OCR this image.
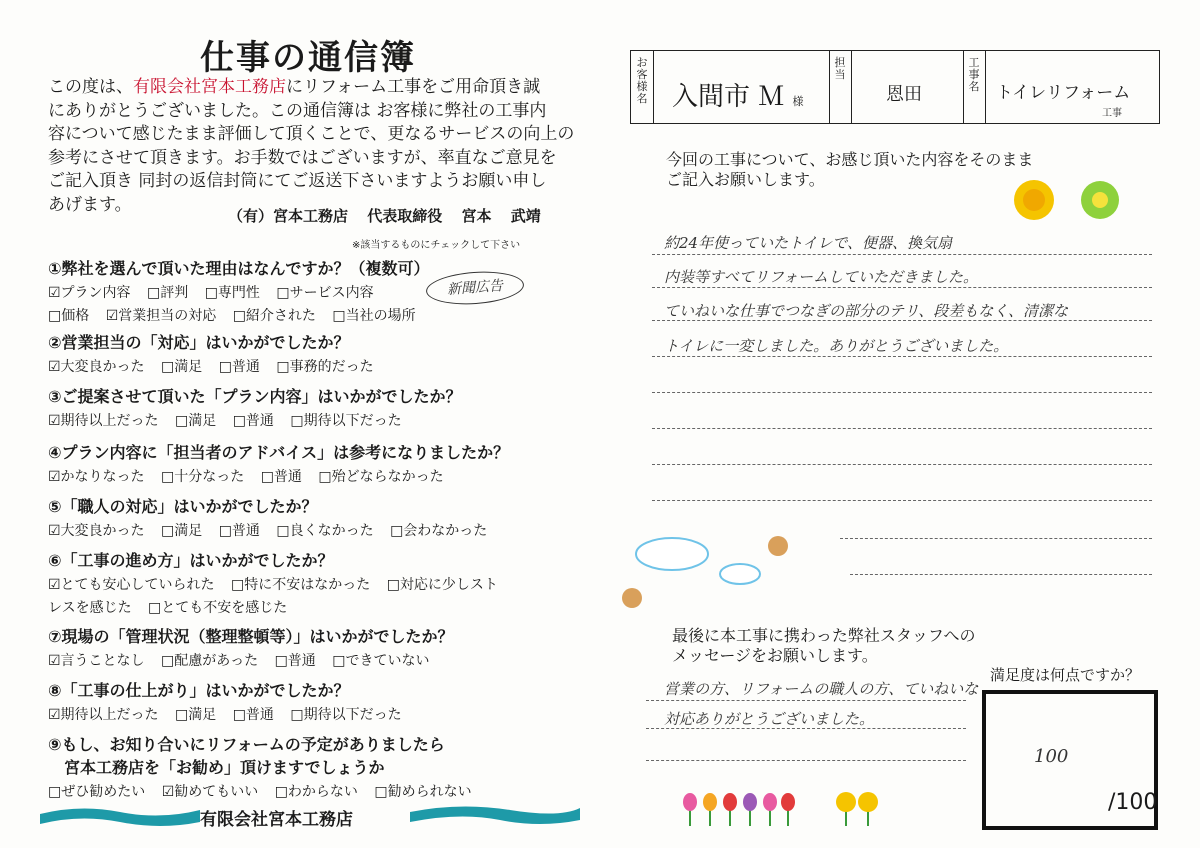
仕事の通信簿

この度は、有限会社宮本工務店にリフォーム工事をご用命頂き誠

にありがとうございました。この通信簿は お客様に弊社の工事内

容について感じたまま評価して頂くことで、更なるサービスの向上の

参考にさせて頂きます。お手数ではございますが、率直なご意見を

ご記入頂き 同封の返信封筒にてご返送下さいますようお願い申し

あげます。

（有）宮本工務店 代表取締役 宮本 武靖
※該当するものにチェックして下さい
①弊社を選んで頂いた理由はなんですか？（複数可）
☑プラン内容 □評判 □専門性 □サービス内容
□価格 ☑営業担当の対応 □紹介された □当社の場所
新聞広告
②営業担当の「対応」はいかがでしたか？
☑大変良かった □満足 □普通 □事務的だった
③ご提案させて頂いた「プラン内容」はいかがでしたか？
☑期待以上だった □満足 □普通 □期待以下だった
④プラン内容に「担当者のアドバイス」は参考になりましたか？
☑かなりなった □十分なった □普通 □殆どならなかった
⑤「職人の対応」はいかがでしたか？
☑大変良かった □満足 □普通 □良くなかった □会わなかった
⑥「工事の進め方」はいかがでしたか？
☑とても安心していられた □特に不安はなかった □対応に少しスト
レスを感じた □とても不安を感じた
⑦現場の「管理状況（整理整頓等）」はいかがでしたか？
☑言うことなし □配慮があった □普通 □できていない
⑧「工事の仕上がり」はいかがでしたか？
☑期待以上だった □満足 □普通 □期待以下だった
⑨もし、お知り合いにリフォームの予定がありましたら
宮本工務店を「お勧め」頂けますでしょうか
□ぜひ勧めたい ☑勧めてもいい □わからない □勧められない
有限会社宮本工務店
お客様名
担当
工事名
入間市 Ｍ 様	恩田	トイレリフォーム
工事
今回の工事について、お感じ頂いた内容をそのまま
ご記入お願いします。
約24年使っていたトイレで、便器、換気扇
内装等すべてリフォームしていただきました。
ていねいな仕事でつなぎの部分のテリ、段差もなく、清潔な
トイレに一変しました。ありがとうございました。
最後に本工事に携わった弊社スタッフへの
メッセージをお願いします。
営業の方、リフォームの職人の方、ていねいな
対応ありがとうございました。
満足度は何点ですか？
100
/100
